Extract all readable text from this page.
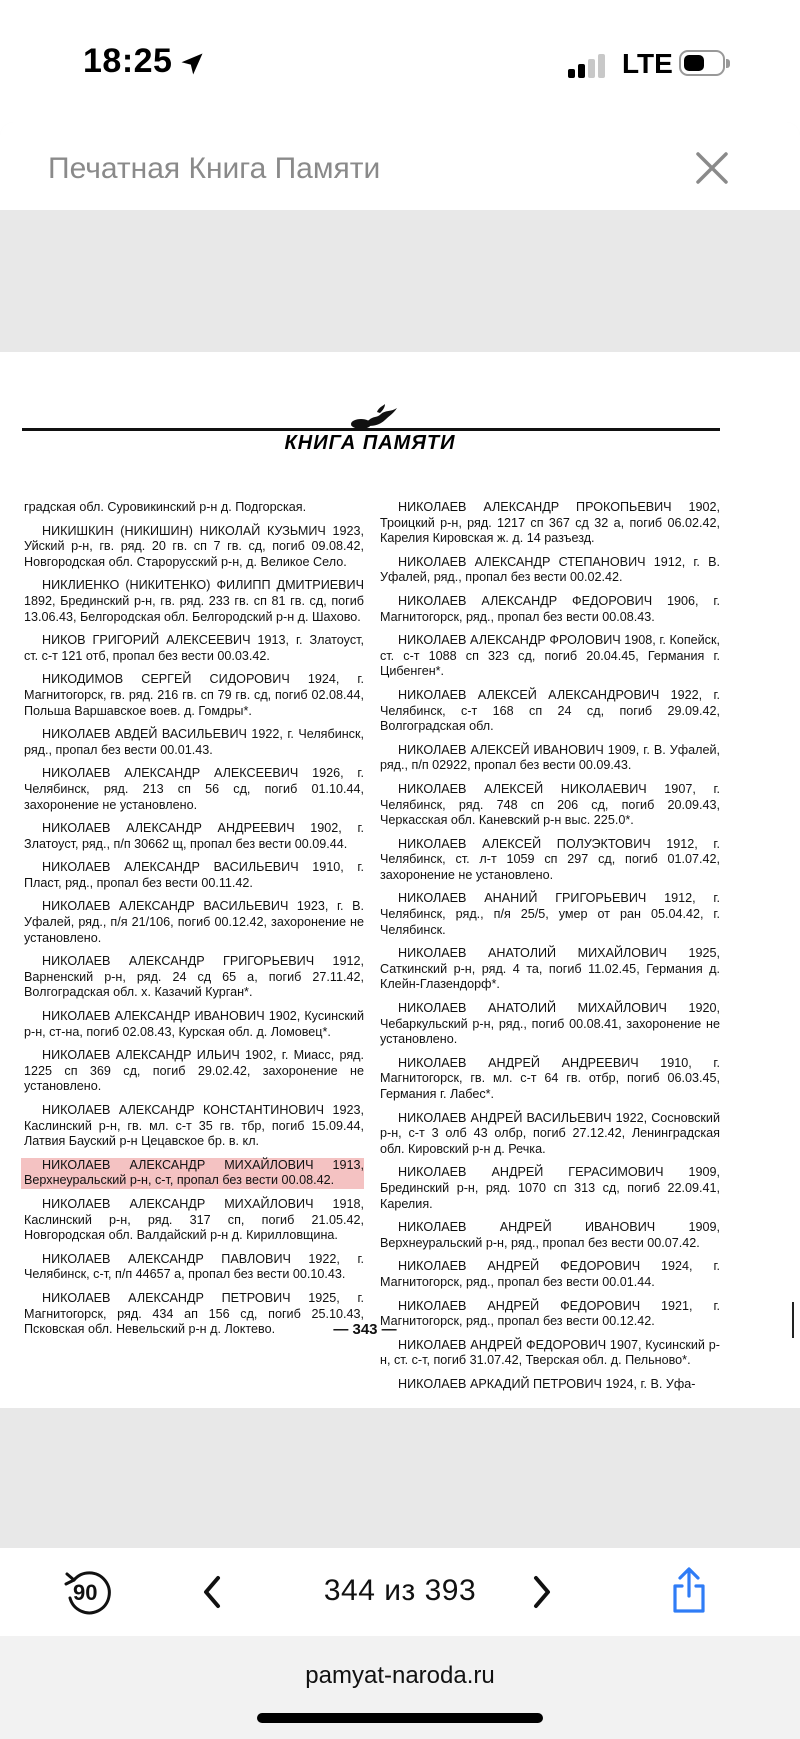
18:25	LTE
Печатная Книга Памяти
КНИГА ПАМЯТИ

градская обл. Суровикинский р-н д. Подгорская.

НИКИШКИН (НИКИШИН) НИКОЛАЙ КУЗЬМИЧ 1923, Уйский р-н, гв. ряд. 20 гв. сп 7 гв. сд, погиб 09.08.42, Новгородская обл. Старорусский р-н, д. Великое Село.

НИКЛИЕНКО (НИКИТЕНКО) ФИЛИПП ДМИТРИЕВИЧ 1892, Брединский р-н, гв. ряд. 233 гв. сп 81 гв. сд, погиб 13.06.43, Белгородская обл. Белгородский р-н д. Шахово.

НИКОВ ГРИГОРИЙ АЛЕКСЕЕВИЧ 1913, г. Златоуст, ст. с-т 121 отб, пропал без вести 00.03.42.

НИКОДИМОВ СЕРГЕЙ СИДОРОВИЧ 1924, г. Магнитогорск, гв. ряд. 216 гв. сп 79 гв. сд, погиб 02.08.44, Польша Варшавское воев. д. Гомдры*.

НИКОЛАЕВ АВДЕЙ ВАСИЛЬЕВИЧ 1922, г. Челябинск, ряд., пропал без вести 00.01.43.

НИКОЛАЕВ АЛЕКСАНДР АЛЕКСЕЕВИЧ 1926, г. Челябинск, ряд. 213 сп 56 сд, погиб 01.10.44, захоронение не установлено.

НИКОЛАЕВ АЛЕКСАНДР АНДРЕЕВИЧ 1902, г. Златоуст, ряд., п/п 30662 щ, пропал без вести 00.09.44.

НИКОЛАЕВ АЛЕКСАНДР ВАСИЛЬЕВИЧ 1910, г. Пласт, ряд., пропал без вести 00.11.42.

НИКОЛАЕВ АЛЕКСАНДР ВАСИЛЬЕВИЧ 1923, г. В. Уфалей, ряд., п/я 21/106, погиб 00.12.42, захоронение не установлено.

НИКОЛАЕВ АЛЕКСАНДР ГРИГОРЬЕВИЧ 1912, Варненский р-н, ряд. 24 сд 65 а, погиб 27.11.42, Волгоградская обл. х. Казачий Курган*.

НИКОЛАЕВ АЛЕКСАНДР ИВАНОВИЧ 1902, Кусинский р-н, ст-на, погиб 02.08.43, Курская обл. д. Ломовец*.

НИКОЛАЕВ АЛЕКСАНДР ИЛЬИЧ 1902, г. Миасс, ряд. 1225 сп 369 сд, погиб 29.02.42, захоронение не установлено.

НИКОЛАЕВ АЛЕКСАНДР КОНСТАНТИНОВИЧ 1923, Каслинский р-н, гв. мл. с-т 35 гв. тбр, погиб 15.09.44, Латвия Бауский р-н Цецавское бр. в. кл.

НИКОЛАЕВ АЛЕКСАНДР МИХАЙЛОВИЧ 1913, Верхнеуральский р-н, с-т, пропал без вести 00.08.42.

НИКОЛАЕВ АЛЕКСАНДР МИХАЙЛОВИЧ 1918, Каслинский р-н, ряд. 317 сп, погиб 21.05.42, Новгородская обл. Валдайский р-н д. Кирилловщина.

НИКОЛАЕВ АЛЕКСАНДР ПАВЛОВИЧ 1922, г. Челябинск, с-т, п/п 44657 а, пропал без вести 00.10.43.

НИКОЛАЕВ АЛЕКСАНДР ПЕТРОВИЧ 1925, г. Магнитогорск, ряд. 434 ап 156 сд, погиб 25.10.43, Псковская обл. Невельский р-н д. Локтево.

НИКОЛАЕВ АЛЕКСАНДР ПРОКОПЬЕВИЧ 1902, Троицкий р-н, ряд. 1217 сп 367 сд 32 а, погиб 06.02.42, Карелия Кировская ж. д. 14 разъезд.

НИКОЛАЕВ АЛЕКСАНДР СТЕПАНОВИЧ 1912, г. В. Уфалей, ряд., пропал без вести 00.02.42.

НИКОЛАЕВ АЛЕКСАНДР ФЕДОРОВИЧ 1906, г. Магнитогорск, ряд., пропал без вести 00.08.43.

НИКОЛАЕВ АЛЕКСАНДР ФРОЛОВИЧ 1908, г. Копейск, ст. с-т 1088 сп 323 сд, погиб 20.04.45, Германия г. Цибенген*.

НИКОЛАЕВ АЛЕКСЕЙ АЛЕКСАНДРОВИЧ 1922, г. Челябинск, с-т 168 сп 24 сд, погиб 29.09.42, Волгоградская обл.

НИКОЛАЕВ АЛЕКСЕЙ ИВАНОВИЧ 1909, г. В. Уфалей, ряд., п/п 02922, пропал без вести 00.09.43.

НИКОЛАЕВ АЛЕКСЕЙ НИКОЛАЕВИЧ 1907, г. Челябинск, ряд. 748 сп 206 сд, погиб 20.09.43, Черкасская обл. Каневский р-н выс. 225.0*.

НИКОЛАЕВ АЛЕКСЕЙ ПОЛУЭКТОВИЧ 1912, г. Челябинск, ст. л-т 1059 сп 297 сд, погиб 01.07.42, захоронение не установлено.

НИКОЛАЕВ АНАНИЙ ГРИГОРЬЕВИЧ 1912, г. Челябинск, ряд., п/я 25/5, умер от ран 05.04.42, г. Челябинск.

НИКОЛАЕВ АНАТОЛИЙ МИХАЙЛОВИЧ 1925, Саткинский р-н, ряд. 4 та, погиб 11.02.45, Германия д. Клейн-Глазендорф*.

НИКОЛАЕВ АНАТОЛИЙ МИХАЙЛОВИЧ 1920, Чебаркульский р-н, ряд., погиб 00.08.41, захоронение не установлено.

НИКОЛАЕВ АНДРЕЙ АНДРЕЕВИЧ 1910, г. Магнитогорск, гв. мл. с-т 64 гв. отбр, погиб 06.03.45, Германия г. Лабес*.

НИКОЛАЕВ АНДРЕЙ ВАСИЛЬЕВИЧ 1922, Сосновский р-н, с-т 3 олб 43 олбр, погиб 27.12.42, Ленинградская обл. Кировский р-н д. Речка.

НИКОЛАЕВ АНДРЕЙ ГЕРАСИМОВИЧ 1909, Брединский р-н, ряд. 1070 сп 313 сд, погиб 22.09.41, Карелия.

НИКОЛАЕВ АНДРЕЙ ИВАНОВИЧ 1909, Верхнеуральский р-н, ряд., пропал без вести 00.07.42.

НИКОЛАЕВ АНДРЕЙ ФЕДОРОВИЧ 1924, г. Магнитогорск, ряд., пропал без вести 00.01.44.

НИКОЛАЕВ АНДРЕЙ ФЕДОРОВИЧ 1921, г. Магнитогорск, ряд., пропал без вести 00.12.42.

НИКОЛАЕВ АНДРЕЙ ФЕДОРОВИЧ 1907, Кусинский р-н, ст. с-т, погиб 31.07.42, Тверская обл. д. Пельново*.

НИКОЛАЕВ АРКАДИЙ ПЕТРОВИЧ 1924, г. В. Уфа-

— 343 —
90	344 из 393
pamyat-naroda.ru
